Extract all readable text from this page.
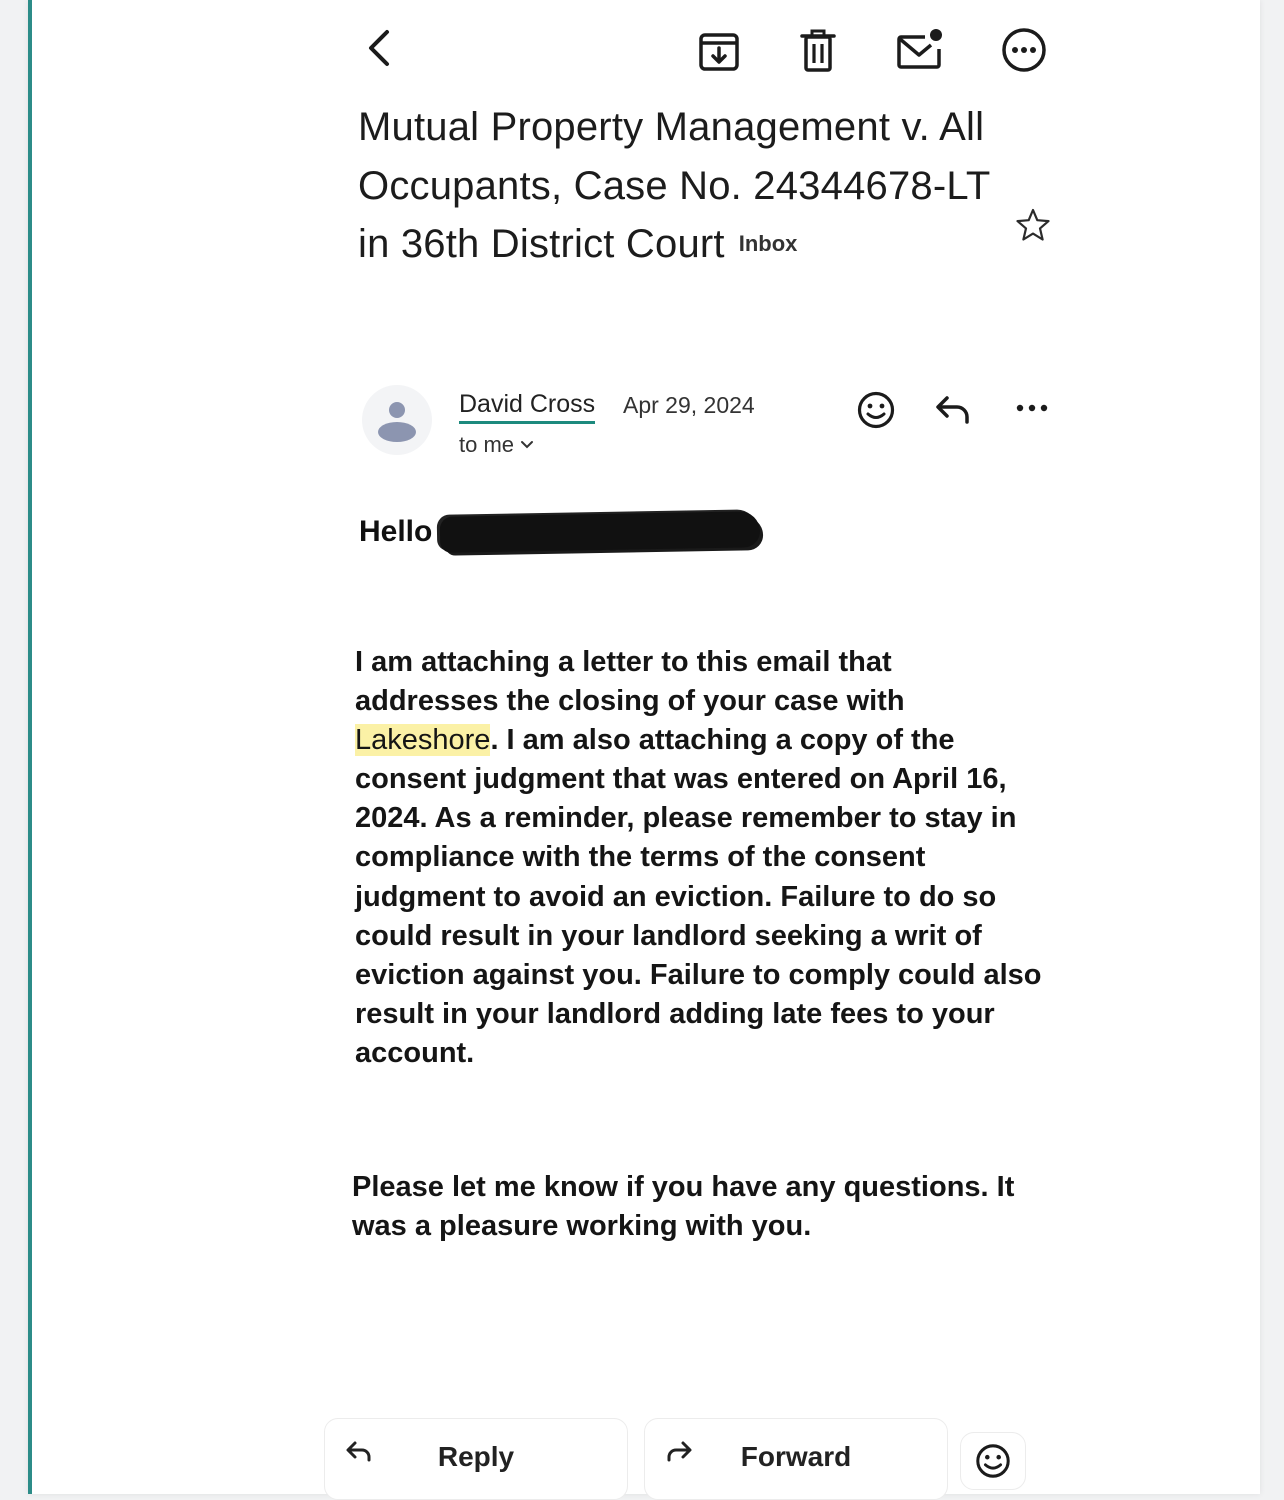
Mutual Property Management v. All Occupants, Case No. 24344678-LT in 36th District Court Inbox
David Cross Apr 29, 2024
to me
Hello
I am attaching a letter to this email that
addresses the closing of your case with
Lakeshore. I am also attaching a copy of the
consent judgment that was entered on April 16,
2024. As a reminder, please remember to stay in
compliance with the terms of the consent
judgment to avoid an eviction. Failure to do so
could result in your landlord seeking a writ of
eviction against you. Failure to comply could also
result in your landlord adding late fees to your
account.
Please let me know if you have any questions. It
was a pleasure working with you.
Reply	Forward
